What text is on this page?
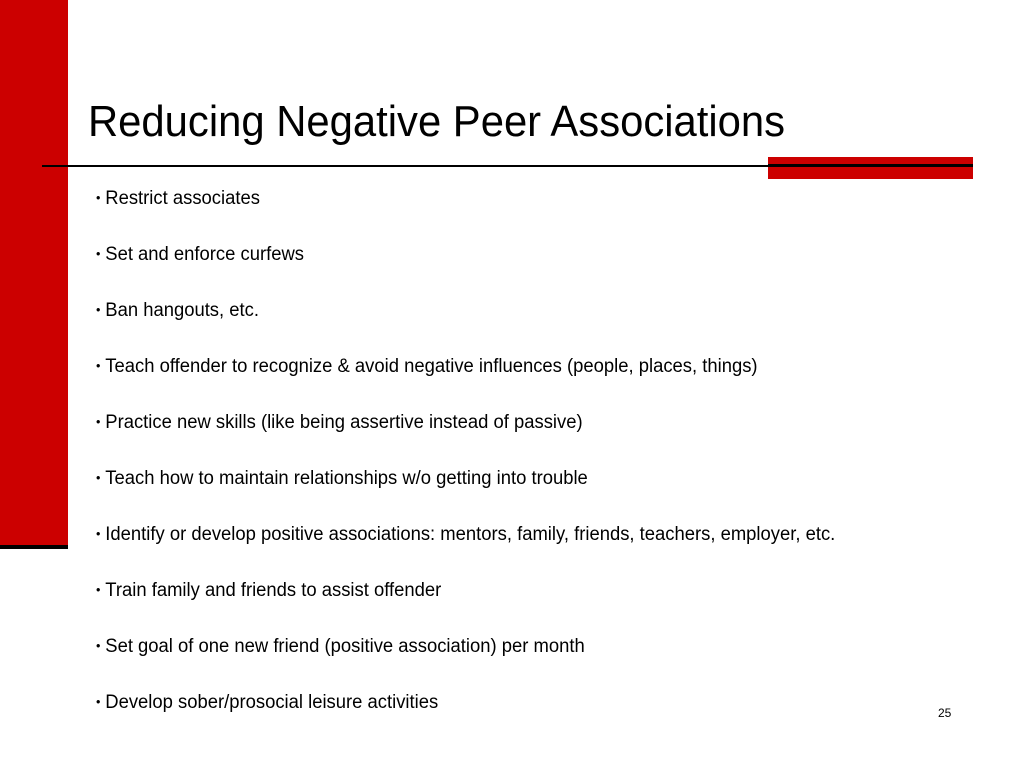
Reducing Negative Peer Associations
• Restrict associates
• Set and enforce curfews
• Ban hangouts, etc.
• Teach offender to recognize & avoid negative influences (people, places, things)
• Practice new skills (like being assertive instead of passive)
• Teach how to maintain relationships w/o getting into trouble
• Identify or develop positive associations: mentors, family, friends, teachers, employer, etc.
• Train family and friends to assist offender
• Set goal of one new friend (positive association) per month
• Develop sober/prosocial leisure activities	25
